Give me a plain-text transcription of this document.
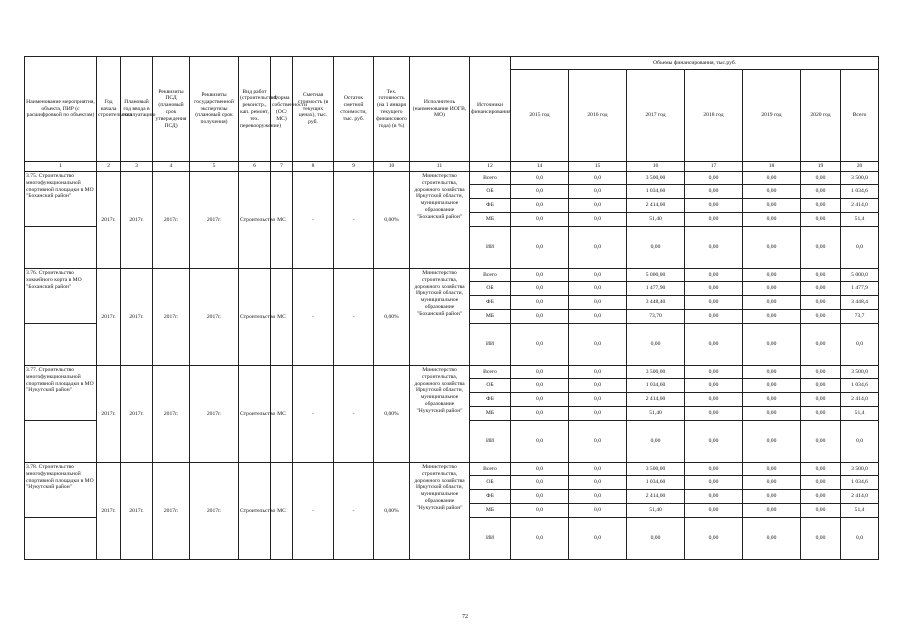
Наименование мероприятия, объекта, ПИР (с расшифровкой по объектам)	Год начала строительства	Плановый год ввода в эксплуатацию	Реквизиты ПСД (плановый срок утверждения ПСД)	Реквизиты государственной экспертизы (плановый срок получения)	Вид работ (строительство, реконстр., кап. ремонт, тех. перевооружение)	Форма собственности (ОС/МС)	Сметная стоимость (в текущих ценах), тыс. руб.	Остаток сметной стоимости, тыс. руб.	Тех. готовность (на 1 января текущего финансового года) (в %)	Исполнитель (наименование ИОГВ, МО)	Источники финансирования	Объемы финансирования, тыс.руб.						
												2015 год	2016 год	2017 год	2018 год	2019 год	2020 год	Всего
1	2	3	4	5	6	7	8	9	10	11	12	14	15	16	17	18	19	20
3.75. Строительство многофункциональной спортивной площадки в МО "Боханский район"	2017г.	2017г.	2017г.	2017г.	Строительство	МС	-	-	0,00%	Министерство строительства, дорожного хозяйства Иркутской области, муниципальное образование "Боханский район"	Всего	0,0	0,0	3 500,00	0,00	0,00	0,00	3 500,0
											ОБ	0,0	0,0	1 034,60	0,00	0,00	0,00	1 034,6
											ФБ	0,0	0,0	2 414,00	0,00	0,00	0,00	2 414,0
											МБ	0,0	0,0	51,40	0,00	0,00	0,00	51,4
											ИИ	0,0	0,0	0,00	0,00	0,00	0,00	0,0
3.76. Строительство хоккейного корта в МО "Боханский район"	2017г.	2017г.	2017г.	2017г.	Строительство	МС	-	-	0,00%	Министерство строительства, дорожного хозяйства Иркутской области, муниципальное образование "Боханский район"	Всего	0,0	0,0	5 000,00	0,00	0,00	0,00	5 000,0
											ОБ	0,0	0,0	1 477,90	0,00	0,00	0,00	1 477,9
											ФБ	0,0	0,0	3 448,40	0,00	0,00	0,00	3 448,4
											МБ	0,0	0,0	73,70	0,00	0,00	0,00	73,7
											ИИ	0,0	0,0	0,00	0,00	0,00	0,00	0,0
3.77. Строительство многофункциональной спортивной площадки в МО "Нукутский район"	2017г.	2017г.	2017г.	2017г.	Строительство	МС	-	-	0,00%	Министерство строительства, дорожного хозяйства Иркутской области, муниципальное образование "Нукутский район"	Всего	0,0	0,0	3 500,00	0,00	0,00	0,00	3 500,0
											ОБ	0,0	0,0	1 034,60	0,00	0,00	0,00	1 034,6
											ФБ	0,0	0,0	2 414,00	0,00	0,00	0,00	2 414,0
											МБ	0,0	0,0	51,40	0,00	0,00	0,00	51,4
											ИИ	0,0	0,0	0,00	0,00	0,00	0,00	0,0
3.78. Строительство многофункциональной спортивной площадки в МО "Нукутский район"	2017г.	2017г.	2017г.	2017г.	Строительство	МС	-	-	0,00%	Министерство строительства, дорожного хозяйства Иркутской области, муниципальное образование "Нукутский район"	Всего	0,0	0,0	3 500,00	0,00	0,00	0,00	3 500,0
											ОБ	0,0	0,0	1 034,60	0,00	0,00	0,00	1 034,6
											ФБ	0,0	0,0	2 414,00	0,00	0,00	0,00	2 414,0
											МБ	0,0	0,0	51,40	0,00	0,00	0,00	51,4
											ИИ	0,0	0,0	0,00	0,00	0,00	0,00	0,0
72
